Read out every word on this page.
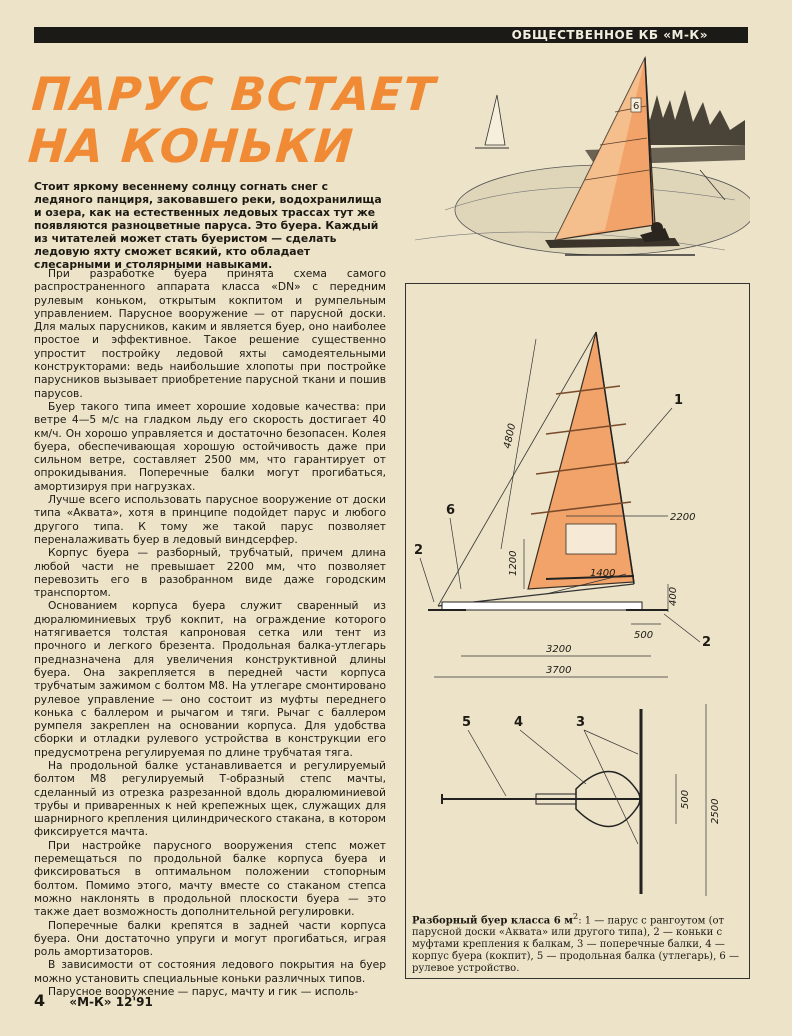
ОБЩЕСТВЕННОЕ КБ «М-К»
ПАРУС ВСТАЕТ
НА КОНЬКИ
6

Стоит яркому весеннему солнцу согнать снег с ледяного панциря, заковавшего реки, водохранилища и озера, как на естественных ледовых трассах тут же появляются разноцветные паруса. Это буера. Каждый из читателей может стать буеристом — сделать ледовую яхту сможет всякий, кто обладает слесарными и столярными навыками.

При разработке буера принята схема самого распространенного аппарата класса «DN» с передним рулевым коньком, открытым кокпитом и румпельным управлением. Парусное вооружение — от парусной доски. Для малых парусников, каким и является буер, оно наиболее простое и эффективное. Такое решение существенно упростит постройку ледовой яхты самодеятельными конструкторами: ведь наибольшие хлопоты при постройке парусников вызывает приобретение парусной ткани и пошив парусов.

Буер такого типа имеет хорошие ходовые качества: при ветре 4—5 м/с на гладком льду его скорость достигает 40 км/ч. Он хорошо управляется и достаточно безопасен. Колея буера, обеспечивающая хорошую остойчивость даже при сильном ветре, составляет 2500 мм, что гарантирует от опрокидывания. Поперечные балки могут прогибаться, амортизируя при нагрузках.

Лучше всего использовать парусное вооружение от доски типа «Аквата», хотя в принципе подойдет парус и любого другого типа. К тому же такой парус позволяет переналаживать буер в ледовый виндсерфер.

Корпус буера — разборный, трубчатый, причем длина любой части не превышает 2200 мм, что позволяет перевозить его в разобранном виде даже городским транспортом.

Основанием корпуса буера служит сваренный из дюралюминиевых труб кокпит, на ограждение которого натягивается толстая капроновая сетка или тент из прочного и легкого брезента. Продольная балка-утлегарь предназначена для увеличения конструктивной длины буера. Она закрепляется в передней части корпуса трубчатым зажимом с болтом М8. На утлегаре смонтировано рулевое управление — оно состоит из муфты переднего конька с баллером и рычагом и тяги. Рычаг с баллером румпеля закреплен на основании корпуса. Для удобства сборки и отладки рулевого устройства в конструкции его предусмотрена регулируемая по длине трубчатая тяга.

На продольной балке устанавливается и регулируемый болтом М8 регулируемый Т-образный степс мачты, сделанный из отрезка разрезанной вдоль дюралюминиевой трубы и приваренных к ней крепежных щек, служащих для шарнирного крепления цилиндрического стакана, в котором фиксируется мачта.

При настройке парусного вооружения степс может перемещаться по продольной балке корпуса буера и фиксироваться в оптимальном положении стопорным болтом. Помимо этого, мачту вместе со стаканом степса можно наклонять в продольной плоскости буера — это также дает возможность дополнительной регулировки.

Поперечные балки крепятся в задней части корпуса буера. Они достаточно упруги и могут прогибаться, играя роль амортизаторов.

В зависимости от состояния ледового покрытия на буер можно установить специальные коньки различных типов.

Парусное вооружение — парус, мачту и гик — исполь-

4 «М-К» 12'91
4800
2200
1200	1400
400
500
3200
3700
1
6
2
2
2500
500
5	4	3
Разборный буер класса 6 $м^2$: 1 — парус с рангоутом (от парусной доски «Аквата» или другого типа), 2 — коньки с муфтами крепления к балкам, 3 — поперечные балки, 4 — корпус буера (кокпит), 5 — продольная балка (утлегарь), 6 — рулевое устройство.
